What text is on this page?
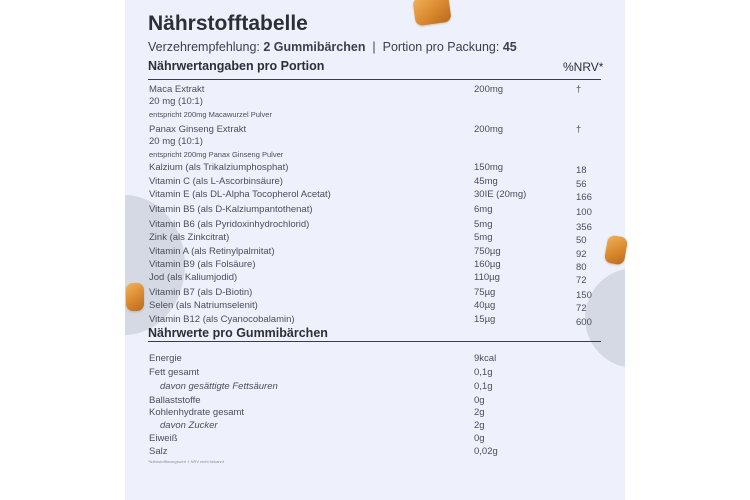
Nährstofftabelle
Verzehrempfehlung: 2 Gummibärchen  |  Portion pro Packung: 45
Nährwertangaben pro Portion	%NRV*
Maca Extrakt
20 mg (10:1)
entspricht 200mg Macawurzel Pulver
200mg	†
Panax Ginseng Extrakt
20 mg (10:1)
entspricht 200mg Panax Ginseng Pulver
200mg	†
Kalzium (als Trikalziumphosphat)	150mg	18
Vitamin C (als L-Ascorbinsäure)	45mg	56
Vitamin E (als DL-Alpha Tocopherol Acetat)	30IE (20mg)	166
Vitamin B5 (als D-Kalziumpantothenat)	6mg	100
Vitamin B6 (als Pyridoxinhydrochlorid)	5mg	356
Zink (als Zinkcitrat)	5mg	50
Vitamin A (als Retinylpalmitat)	750µg	92
Vitamin B9 (als Folsäure)	160µg	80
Jod (als Kaliumjodid)	110µg	72
Vitamin B7 (als D-Biotin)	75µg	150
Selen (als Natriumselenit)	40µg	72
Vitamin B12 (als Cyanocobalamin)	15µg	600
Nährwerte pro Gummibärchen
Energie	9kcal
Fett gesamt	0,1g
davon gesättigte Fettsäuren	0,1g
Ballaststoffe	0g
Kohlenhydrate gesamt	2g
davon Zucker	2g
Eiweiß	0g
Salz	0,02g
*Nährstoffbezugswert † NRV nicht bekannt
